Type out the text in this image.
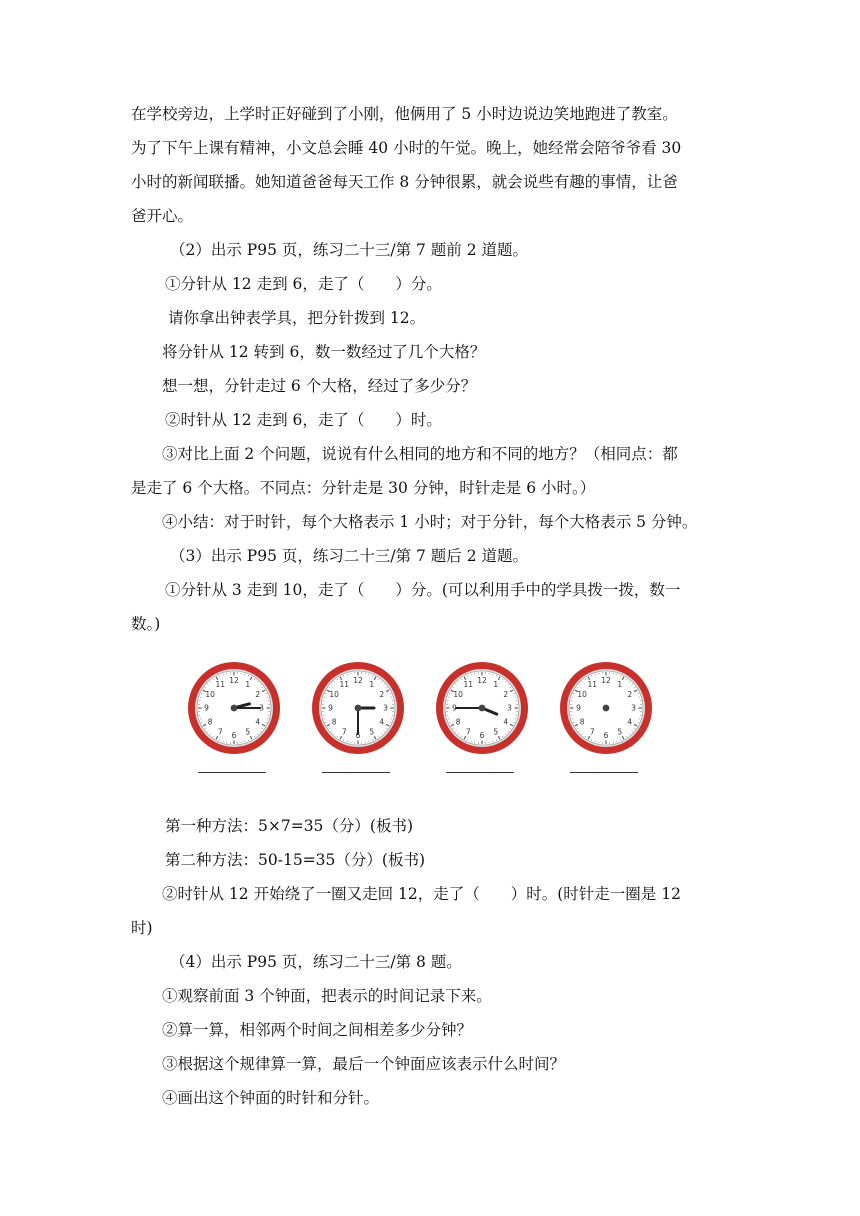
在学校旁边，上学时正好碰到了小刚，他俩用了 5 小时边说边笑地跑进了教室。
为了下午上课有精神，小文总会睡 40 小时的午觉。晚上，她经常会陪爷爷看 30
小时的新闻联播。她知道爸爸每天工作 8 分钟很累，就会说些有趣的事情，让爸
爸开心。
（2）出示 P95 页，练习二十三/第 7 题前 2 道题。
①分针从 12 走到 6，走了（　　）分。
请你拿出钟表学具，把分针拨到 12。
将分针从 12 转到 6，数一数经过了几个大格？
想一想，分针走过 6 个大格，经过了多少分？
②时针从 12 走到 6，走了（　　）时。
③对比上面 2 个问题，说说有什么相同的地方和不同的地方？（相同点：都
是走了 6 个大格。不同点：分针走是 30 分钟，时针走是 6 小时。）
④小结：对于时针，每个大格表示 1 小时；对于分针，每个大格表示 5 分钟。
（3）出示 P95 页，练习二十三/第 7 题后 2 道题。
①分针从 3 走到 10，走了（　　）分。(可以利用手中的学具拨一拨，数一
数。)
12 1
2
3
4
5
6
7
8
9
10
11	12 1
2
3
4
5
6
7
8
9
10
11	12 1
2
3
4
5
6
7
8
9
10
11	12 1
2
3
4
5
6
7
8
9
10
11
第一种方法：5×7=35（分）(板书)
第二种方法：50-15=35（分）(板书)
②时针从 12 开始绕了一圈又走回 12，走了（　　）时。(时针走一圈是 12
时)
（4）出示 P95 页，练习二十三/第 8 题。
①观察前面 3 个钟面，把表示的时间记录下来。
②算一算，相邻两个时间之间相差多少分钟？
③根据这个规律算一算，最后一个钟面应该表示什么时间？
④画出这个钟面的时针和分针。
